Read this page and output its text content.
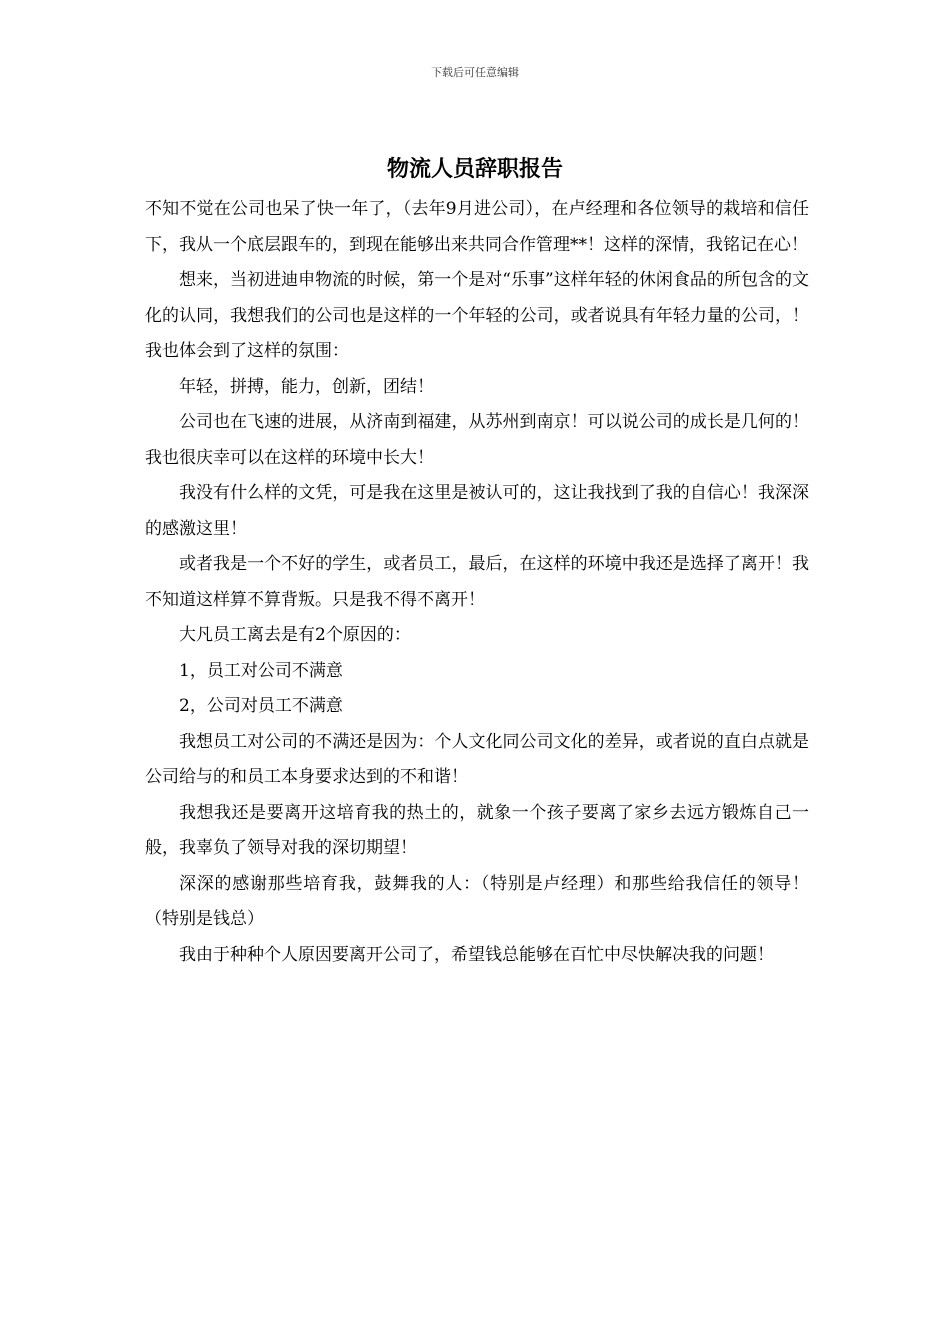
下载后可任意编辑
物流人员辞职报告

不知不觉在公司也呆了快一年了，（去年9月进公司），在卢经理和各位领导的栽培和信任下，我从一个底层跟车的，到现在能够出来共同合作管理**！这样的深情，我铭记在心！

想来，当初进迪申物流的时候，第一个是对“乐事”这样年轻的休闲食品的所包含的文化的认同，我想我们的公司也是这样的一个年轻的公司，或者说具有年轻力量的公司，！我也体会到了这样的氛围：

年轻，拼搏，能力，创新，团结！

公司也在飞速的进展，从济南到福建，从苏州到南京！可以说公司的成长是几何的！我也很庆幸可以在这样的环境中长大！

我没有什么样的文凭，可是我在这里是被认可的，这让我找到了我的自信心！我深深的感激这里！

或者我是一个不好的学生，或者员工，最后，在这样的环境中我还是选择了离开！我不知道这样算不算背叛。只是我不得不离开！

大凡员工离去是有2个原因的：

1，员工对公司不满意

2，公司对员工不满意

我想员工对公司的不满还是因为：个人文化同公司文化的差异，或者说的直白点就是公司给与的和员工本身要求达到的不和谐！

我想我还是要离开这培育我的热土的，就象一个孩子要离了家乡去远方锻炼自己一般，我辜负了领导对我的深切期望！

深深的感谢那些培育我，鼓舞我的人：（特别是卢经理）和那些给我信任的领导！（特别是钱总）

我由于种种个人原因要离开公司了，希望钱总能够在百忙中尽快解决我的问题！
